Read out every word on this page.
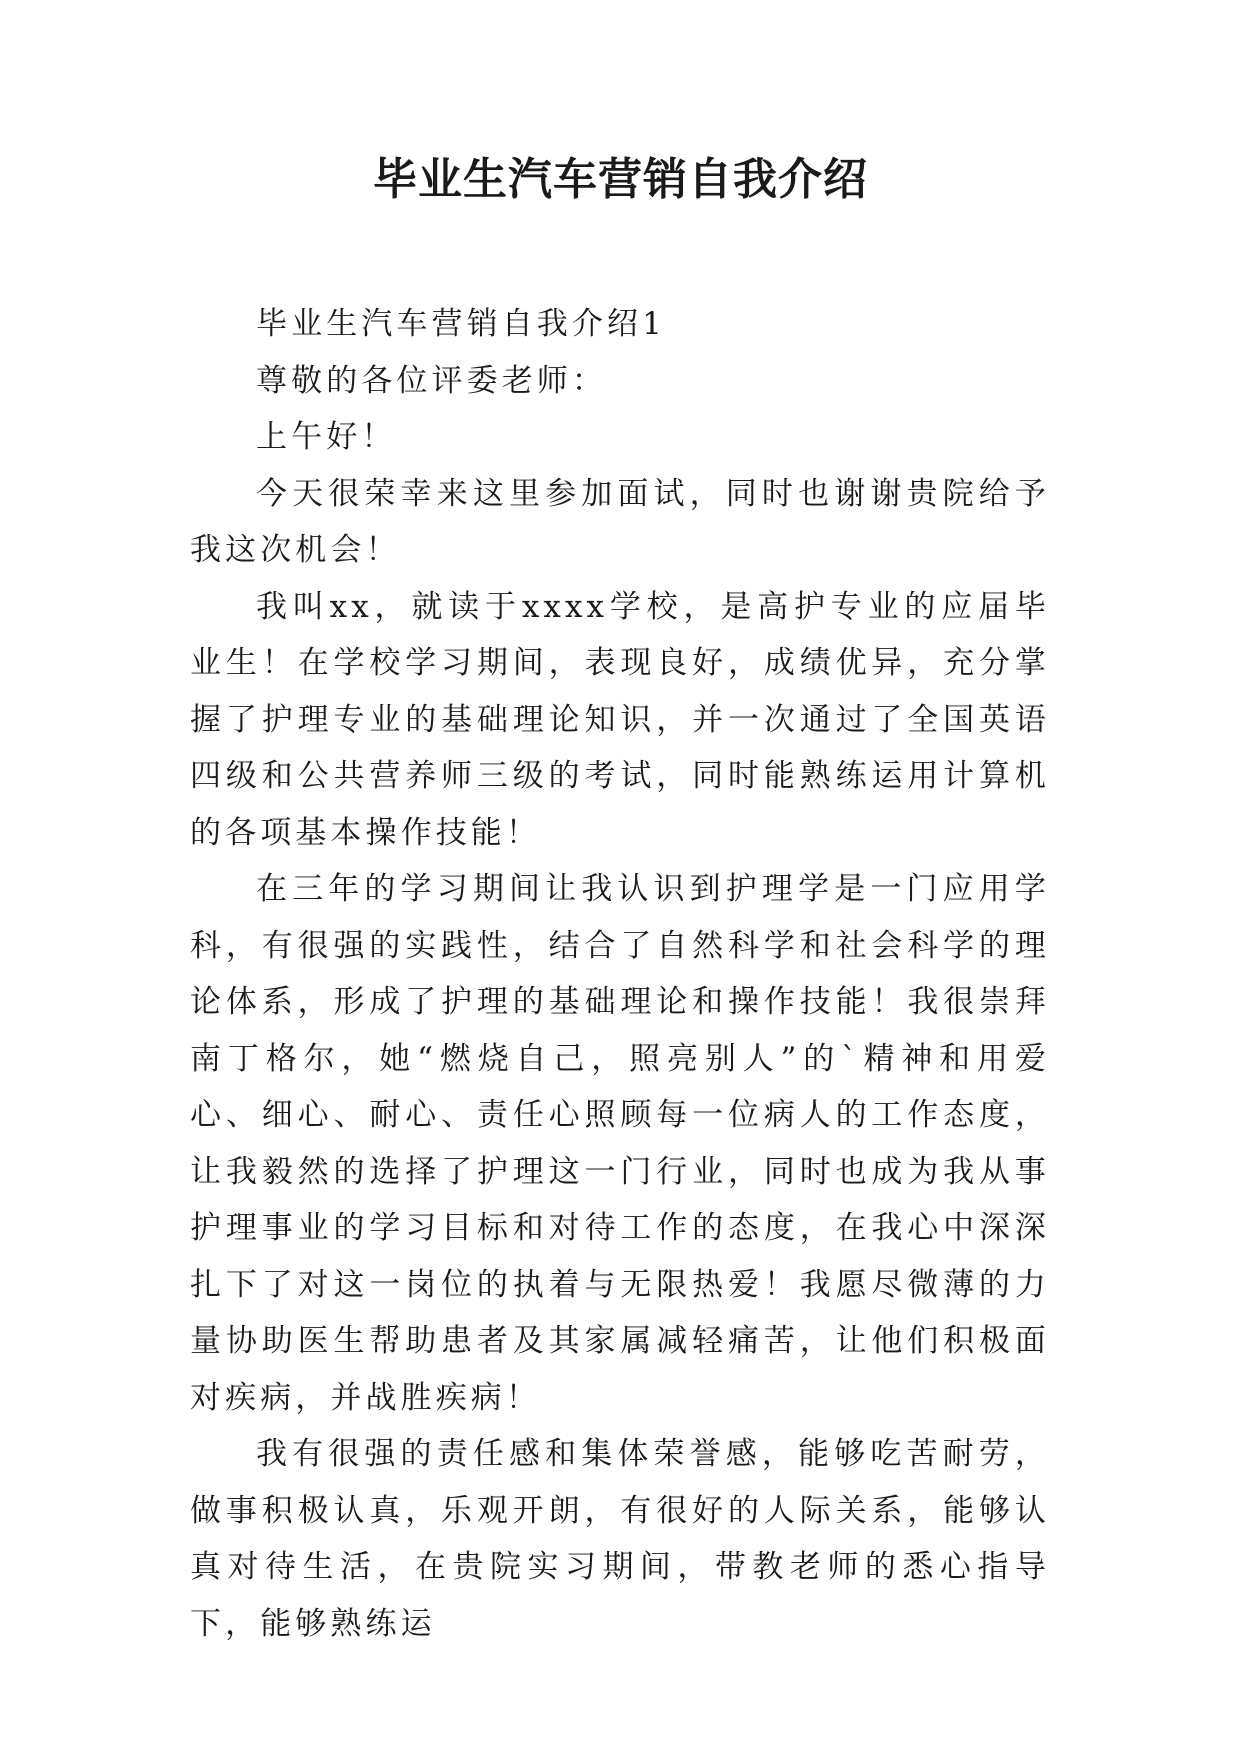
毕业生汽车营销自我介绍

毕业生汽车营销自我介绍1

尊敬的各位评委老师：

上午好！

今天很荣幸来这里参加面试，同时也谢谢贵院给予我这次机会！

我叫xx，就读于xxxx学校，是高护专业的应届毕业生！在学校学习期间，表现良好，成绩优异，充分掌握了护理专业的基础理论知识，并一次通过了全国英语四级和公共营养师三级的考试，同时能熟练运用计算机的各项基本操作技能！

在三年的学习期间让我认识到护理学是一门应用学科，有很强的实践性，结合了自然科学和社会科学的理论体系，形成了护理的基础理论和操作技能！我很崇拜南丁格尔，她“燃烧自己，照亮别人”的`精神和用爱心、细心、耐心、责任心照顾每一位病人的工作态度，让我毅然的选择了护理这一门行业，同时也成为我从事护理事业的学习目标和对待工作的态度，在我心中深深扎下了对这一岗位的执着与无限热爱！我愿尽微薄的力量协助医生帮助患者及其家属减轻痛苦，让他们积极面对疾病，并战胜疾病！

我有很强的责任感和集体荣誉感，能够吃苦耐劳，做事积极认真，乐观开朗，有很好的人际关系，能够认真对待生活，在贵院实习期间，带教老师的悉心指导下，能够熟练运
